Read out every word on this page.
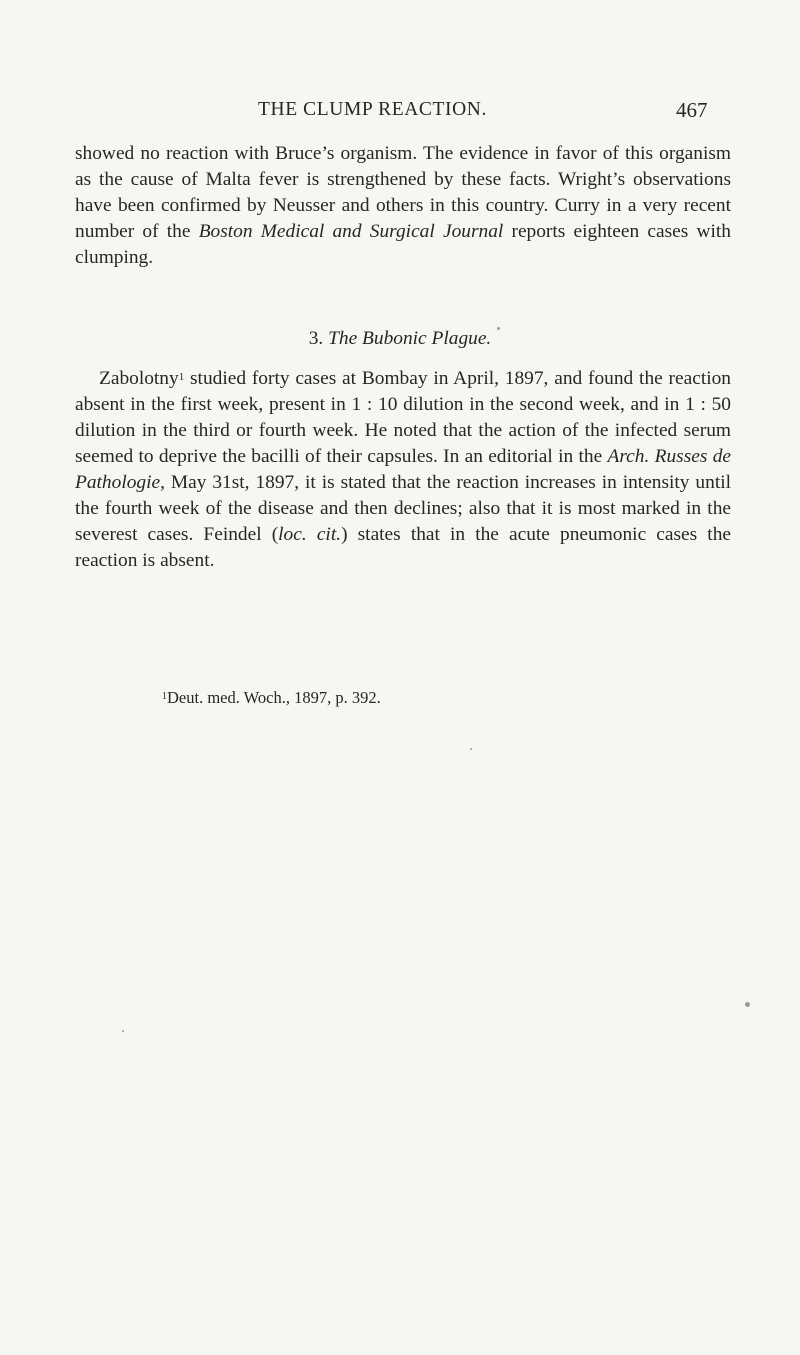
THE CLUMP REACTION.	467

showed no reaction with Bruce’s organism. The evidence in favor of this organism as the cause of Malta fever is strengthened by these facts. Wright’s observations have been confirmed by Neusser and others in this country. Curry in a very recent number of the Boston Medical and Surgical Journal reports eighteen cases with clumping.

3. The Bubonic Plague.

Zabolotny$^1$ studied forty cases at Bombay in April, 1897, and found the reaction absent in the first week, present in 1 : 10 dilution in the second week, and in 1 : 50 dilution in the third or fourth week. He noted that the action of the infected serum seemed to deprive the bacilli of their capsules. In an editorial in the Arch. Russes de Pathologie, May 31st, 1897, it is stated that the reaction increases in intensity until the fourth week of the disease and then declines; also that it is most marked in the severest cases. Feindel (loc. cit.) states that in the acute pneumonic cases the reaction is absent.

$^1$Deut. med. Woch., 1897, p. 392.
